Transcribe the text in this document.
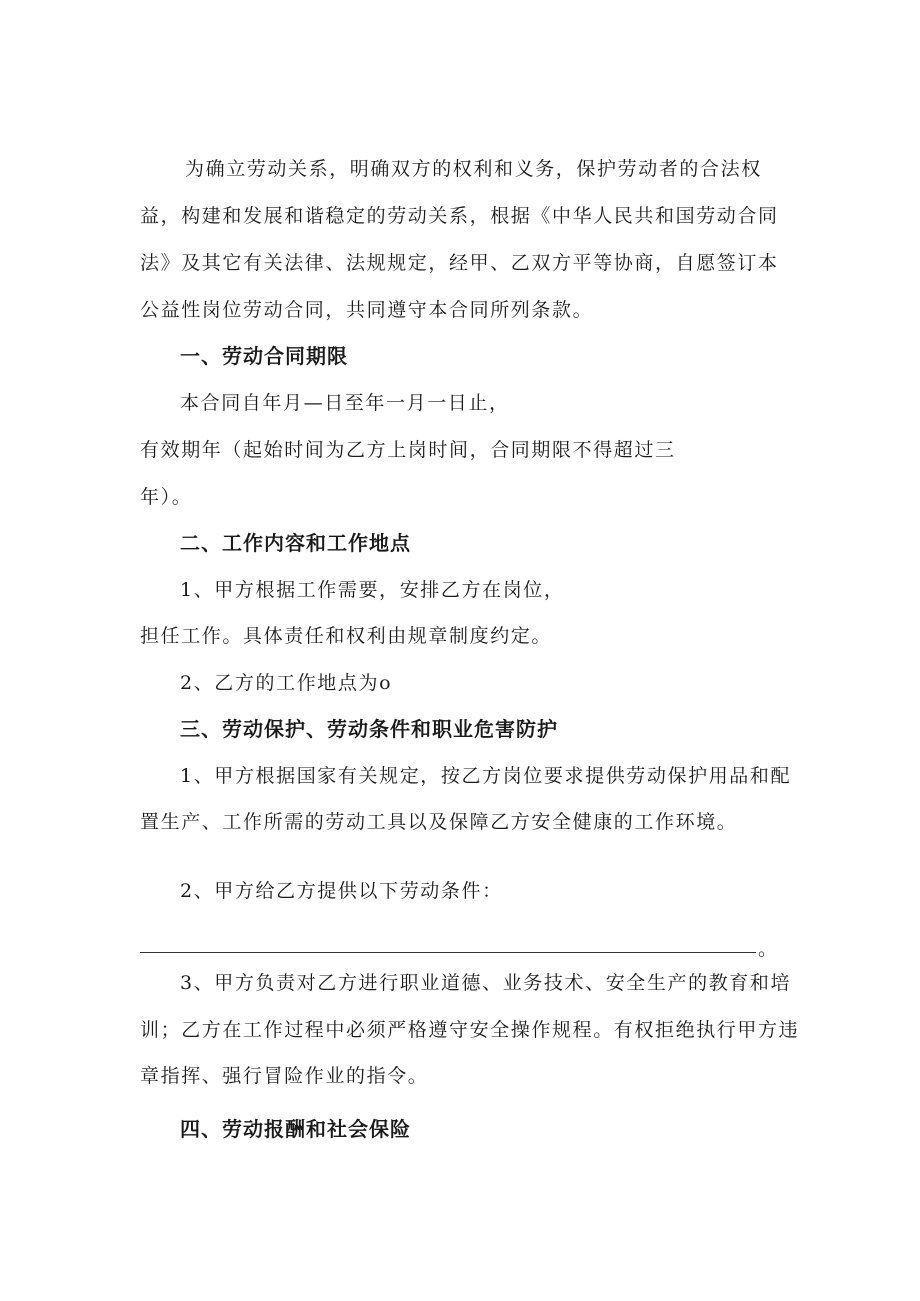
为确立劳动关系，明确双方的权利和义务，保护劳动者的合法权

益，构建和发展和谐稳定的劳动关系，根据《中华人民共和国劳动合同

法》及其它有关法律、法规规定，经甲、乙双方平等协商，自愿签订本

公益性岗位劳动合同，共同遵守本合同所列条款。

一、劳动合同期限

本合同自年月—日至年一月一日止，

有效期年（起始时间为乙方上岗时间，合同期限不得超过三

年）。

二、工作内容和工作地点

1、甲方根据工作需要，安排乙方在岗位，

担任工作。具体责任和权利由规章制度约定。

2、乙方的工作地点为o

三、劳动保护、劳动条件和职业危害防护

1、甲方根据国家有关规定，按乙方岗位要求提供劳动保护用品和配

置生产、工作所需的劳动工具以及保障乙方安全健康的工作环境。

2、甲方给乙方提供以下劳动条件：

。

3、甲方负责对乙方进行职业道德、业务技术、安全生产的教育和培

训；乙方在工作过程中必须严格遵守安全操作规程。有权拒绝执行甲方违

章指挥、强行冒险作业的指令。

四、劳动报酬和社会保险
